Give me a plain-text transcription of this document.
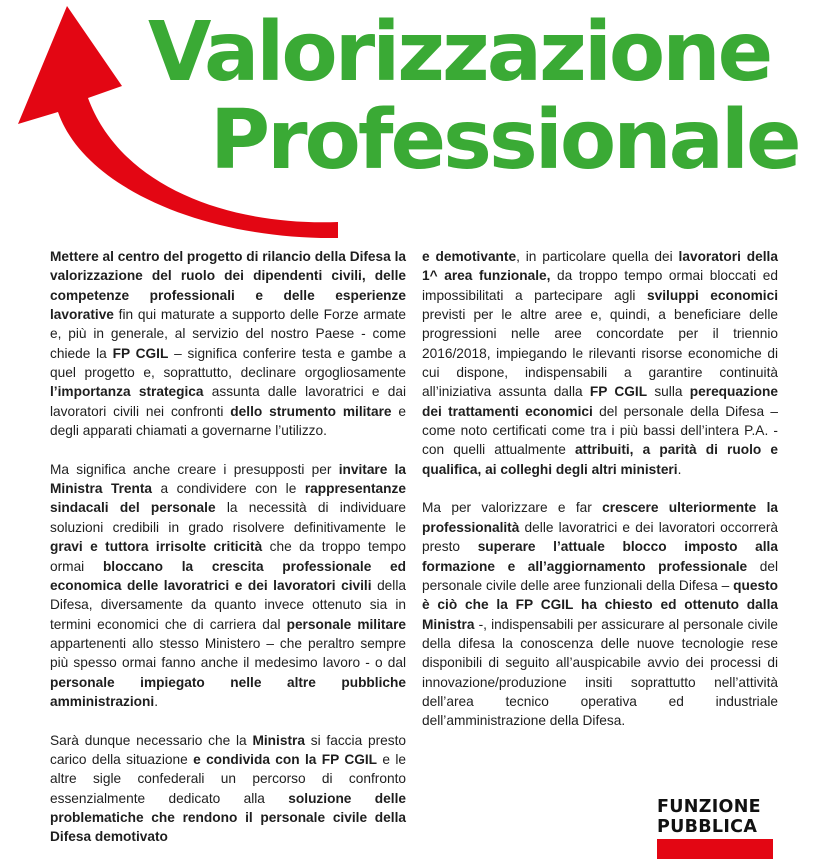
Valorizzazione
Professionale

Mettere al centro del progetto di rilancio della Difesa la valorizzazione del ruolo dei dipendenti civili, delle competenze professionali e delle esperienze lavorative fin qui maturate a supporto delle Forze armate e, più in generale, al servizio del nostro Paese - come chiede la FP CGIL – significa conferire testa e gambe a quel progetto e, soprattutto, declinare orgogliosamente l’importanza strategica assunta dalle lavoratrici e dai lavoratori civili nei confronti dello strumento militare e degli apparati chiamati a governarne l’utilizzo.

Ma significa anche creare i presupposti per invitare la Ministra Trenta a condividere con le rappresentanze sindacali del personale la necessità di individuare soluzioni credibili in grado risolvere definitivamente le gravi e tuttora irrisolte criticità che da troppo tempo ormai bloccano la crescita professionale ed economica delle lavoratrici e dei lavoratori civili della Difesa, diversamente da quanto invece ottenuto sia in termini economici che di carriera dal personale militare appartenenti allo stesso Ministero – che peraltro sempre più spesso ormai fanno anche il medesimo lavoro - o dal personale impiegato nelle altre pubbliche amministrazioni.

Sarà dunque necessario che la Ministra si faccia presto carico della situazione e condivida con la FP CGIL e le altre sigle confederali un percorso di confronto essenzialmente dedicato alla soluzione delle problematiche che rendono il personale civile della Difesa demotivato

e demotivante, in particolare quella dei lavoratori della 1^ area funzionale, da troppo tempo ormai bloccati ed impossibilitati a partecipare agli sviluppi economici previsti per le altre aree e, quindi, a beneficiare delle progressioni nelle aree concordate per il triennio 2016/2018, impiegando le rilevanti risorse economiche di cui dispone, indispensabili a garantire continuità all’iniziativa assunta dalla FP CGIL sulla perequazione dei trattamenti economici del personale della Difesa – come noto certificati come tra i più bassi dell’intera P.A. - con quelli attualmente attribuiti, a parità di ruolo e qualifica, ai colleghi degli altri ministeri.

Ma per valorizzare e far crescere ulteriormente la professionalità delle lavoratrici e dei lavoratori occorrerà presto superare l’attuale blocco imposto alla formazione e all’aggiornamento professionale del personale civile delle aree funzionali della Difesa – questo è ciò che la FP CGIL ha chiesto ed ottenuto dalla Ministra -, indispensabili per assicurare al personale civile della difesa la conoscenza delle nuove tecnologie rese disponibili di seguito all’auspicabile avvio dei processi di innovazione/produzione insiti soprattutto nell’attività dell’area tecnico operativa ed industriale dell’amministrazione della Difesa.

FUNZIONE
PUBBLICA
